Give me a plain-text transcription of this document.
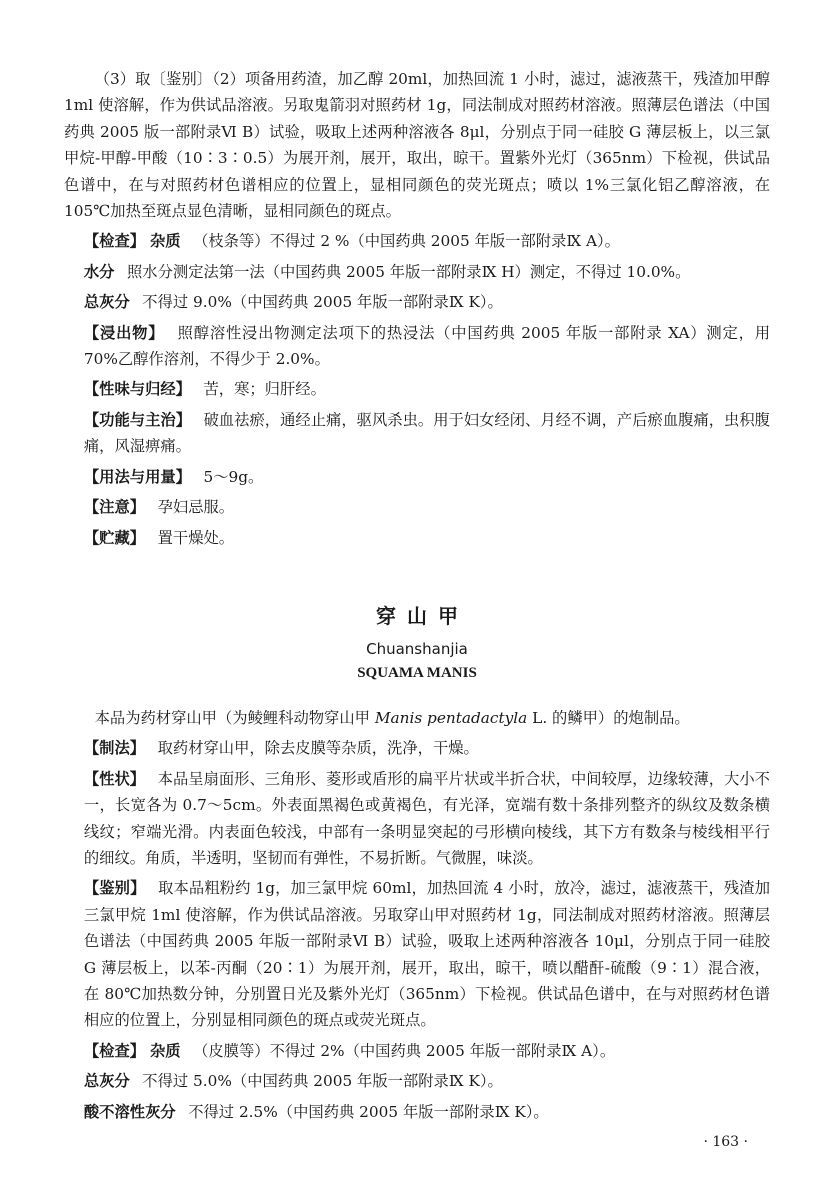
（3）取〔鉴别〕（2）项备用药渣，加乙醇 20ml，加热回流 1 小时，滤过，滤液蒸干，残渣加甲醇 1ml 使溶解，作为供试品溶液。另取鬼箭羽对照药材 1g，同法制成对照药材溶液。照薄层色谱法（中国药典 2005 版一部附录Ⅵ B）试验，吸取上述两种溶液各 8μl，分别点于同一硅胶 G 薄层板上，以三氯甲烷-甲醇-甲酸（10∶3∶0.5）为展开剂，展开，取出，晾干。置紫外光灯（365nm）下检视，供试品色谱中，在与对照药材色谱相应的位置上，显相同颜色的荧光斑点；喷以 1%三氯化铝乙醇溶液，在 105℃加热至斑点显色清晰，显相同颜色的斑点。

【检查】 杂质 （枝条等）不得过 2 %（中国药典 2005 年版一部附录Ⅸ A）。

水分 照水分测定法第一法（中国药典 2005 年版一部附录Ⅸ H）测定，不得过 10.0%。

总灰分 不得过 9.0%（中国药典 2005 年版一部附录Ⅸ K）。

【浸出物】 照醇溶性浸出物测定法项下的热浸法（中国药典 2005 年版一部附录 XA）测定，用 70%乙醇作溶剂，不得少于 2.0%。

【性味与归经】 苦，寒；归肝经。

【功能与主治】 破血祛瘀，通经止痛，驱风杀虫。用于妇女经闭、月经不调，产后瘀血腹痛，虫积腹痛，风湿痹痛。

【用法与用量】 5～9g。

【注意】 孕妇忌服。

【贮藏】 置干燥处。

穿山甲
Chuanshanjia
SQUAMA MANIS

本品为药材穿山甲（为鲮鲤科动物穿山甲 Manis pentadactyla L. 的鳞甲）的炮制品。

【制法】 取药材穿山甲，除去皮膜等杂质，洗净，干燥。

【性状】 本品呈扇面形、三角形、菱形或盾形的扁平片状或半折合状，中间较厚，边缘较薄，大小不一，长宽各为 0.7～5cm。外表面黑褐色或黄褐色，有光泽，宽端有数十条排列整齐的纵纹及数条横线纹；窄端光滑。内表面色较浅，中部有一条明显突起的弓形横向棱线，其下方有数条与棱线相平行的细纹。角质，半透明，坚韧而有弹性，不易折断。气微腥，味淡。

【鉴别】 取本品粗粉约 1g，加三氯甲烷 60ml，加热回流 4 小时，放冷，滤过，滤液蒸干，残渣加三氯甲烷 1ml 使溶解，作为供试品溶液。另取穿山甲对照药材 1g，同法制成对照药材溶液。照薄层色谱法（中国药典 2005 年版一部附录Ⅵ B）试验，吸取上述两种溶液各 10μl，分别点于同一硅胶 G 薄层板上，以苯-丙酮（20∶1）为展开剂，展开，取出，晾干，喷以醋酐-硫酸（9∶1）混合液，在 80℃加热数分钟，分别置日光及紫外光灯（365nm）下检视。供试品色谱中，在与对照药材色谱相应的位置上，分别显相同颜色的斑点或荧光斑点。

【检查】 杂质 （皮膜等）不得过 2%（中国药典 2005 年版一部附录Ⅸ A）。

总灰分 不得过 5.0%（中国药典 2005 年版一部附录Ⅸ K）。

酸不溶性灰分 不得过 2.5%（中国药典 2005 年版一部附录Ⅸ K）。

· 163 ·
